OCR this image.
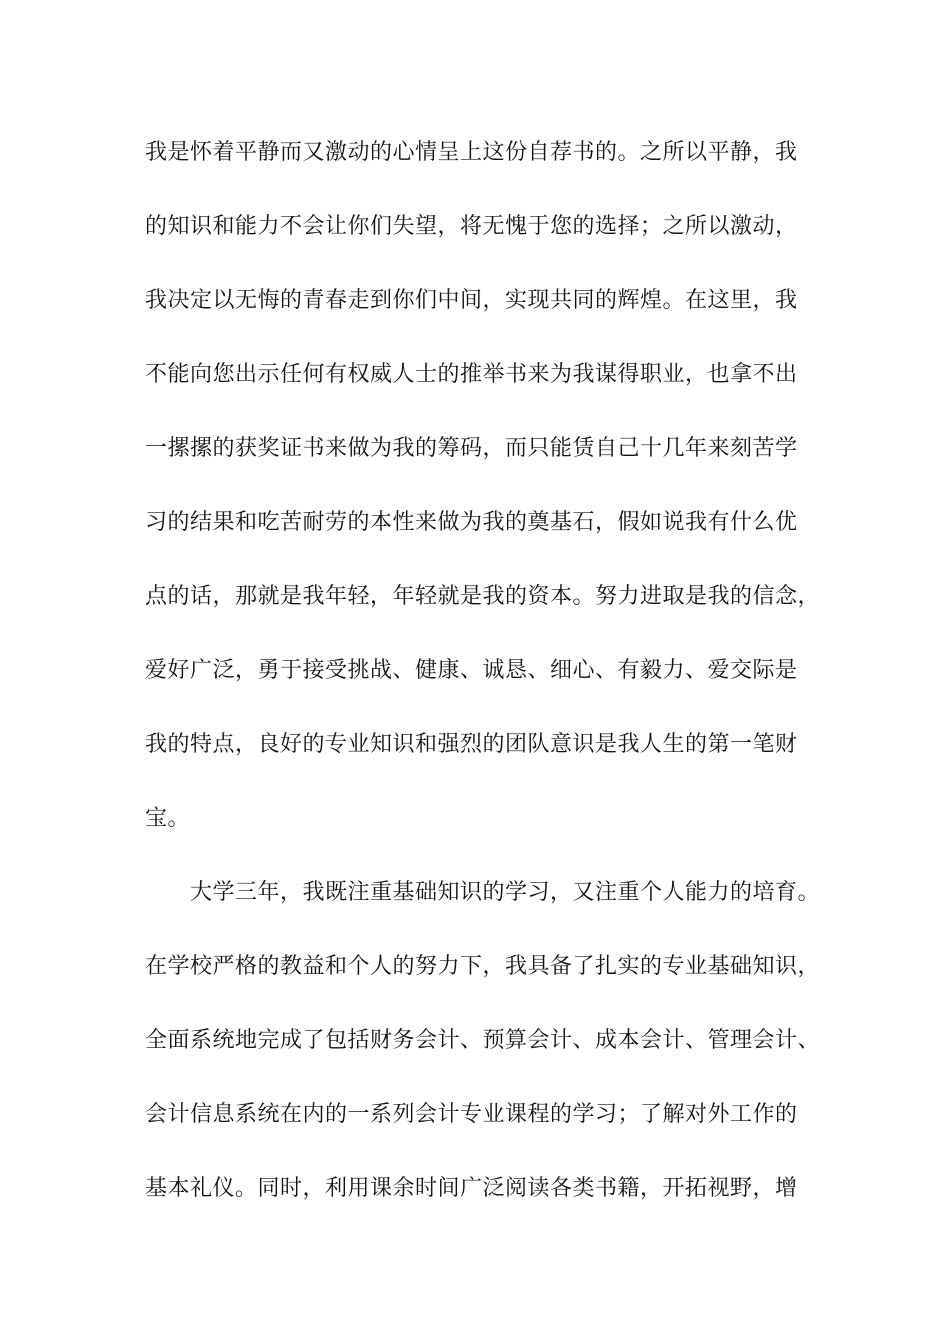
我是怀着平静而又激动的心情呈上这份自荐书的。之所以平静，我
的知识和能力不会让你们失望，将无愧于您的选择；之所以激动，
我决定以无悔的青春走到你们中间，实现共同的辉煌。在这里，我
不能向您出示任何有权威人士的推举书来为我谋得职业，也拿不出
一摞摞的获奖证书来做为我的筹码，而只能赁自己十几年来刻苦学
习的结果和吃苦耐劳的本性来做为我的奠基石，假如说我有什么优
点的话，那就是我年轻，年轻就是我的资本。努力进取是我的信念，
爱好广泛，勇于接受挑战、健康、诚恳、细心、有毅力、爱交际是
我的特点，良好的专业知识和强烈的团队意识是我人生的第一笔财
宝。
　　大学三年，我既注重基础知识的学习，又注重个人能力的培育。
在学校严格的教益和个人的努力下，我具备了扎实的专业基础知识，
全面系统地完成了包括财务会计、预算会计、成本会计、管理会计、
会计信息系统在内的一系列会计专业课程的学习；了解对外工作的
基本礼仪。同时，利用课余时间广泛阅读各类书籍，开拓视野，增
